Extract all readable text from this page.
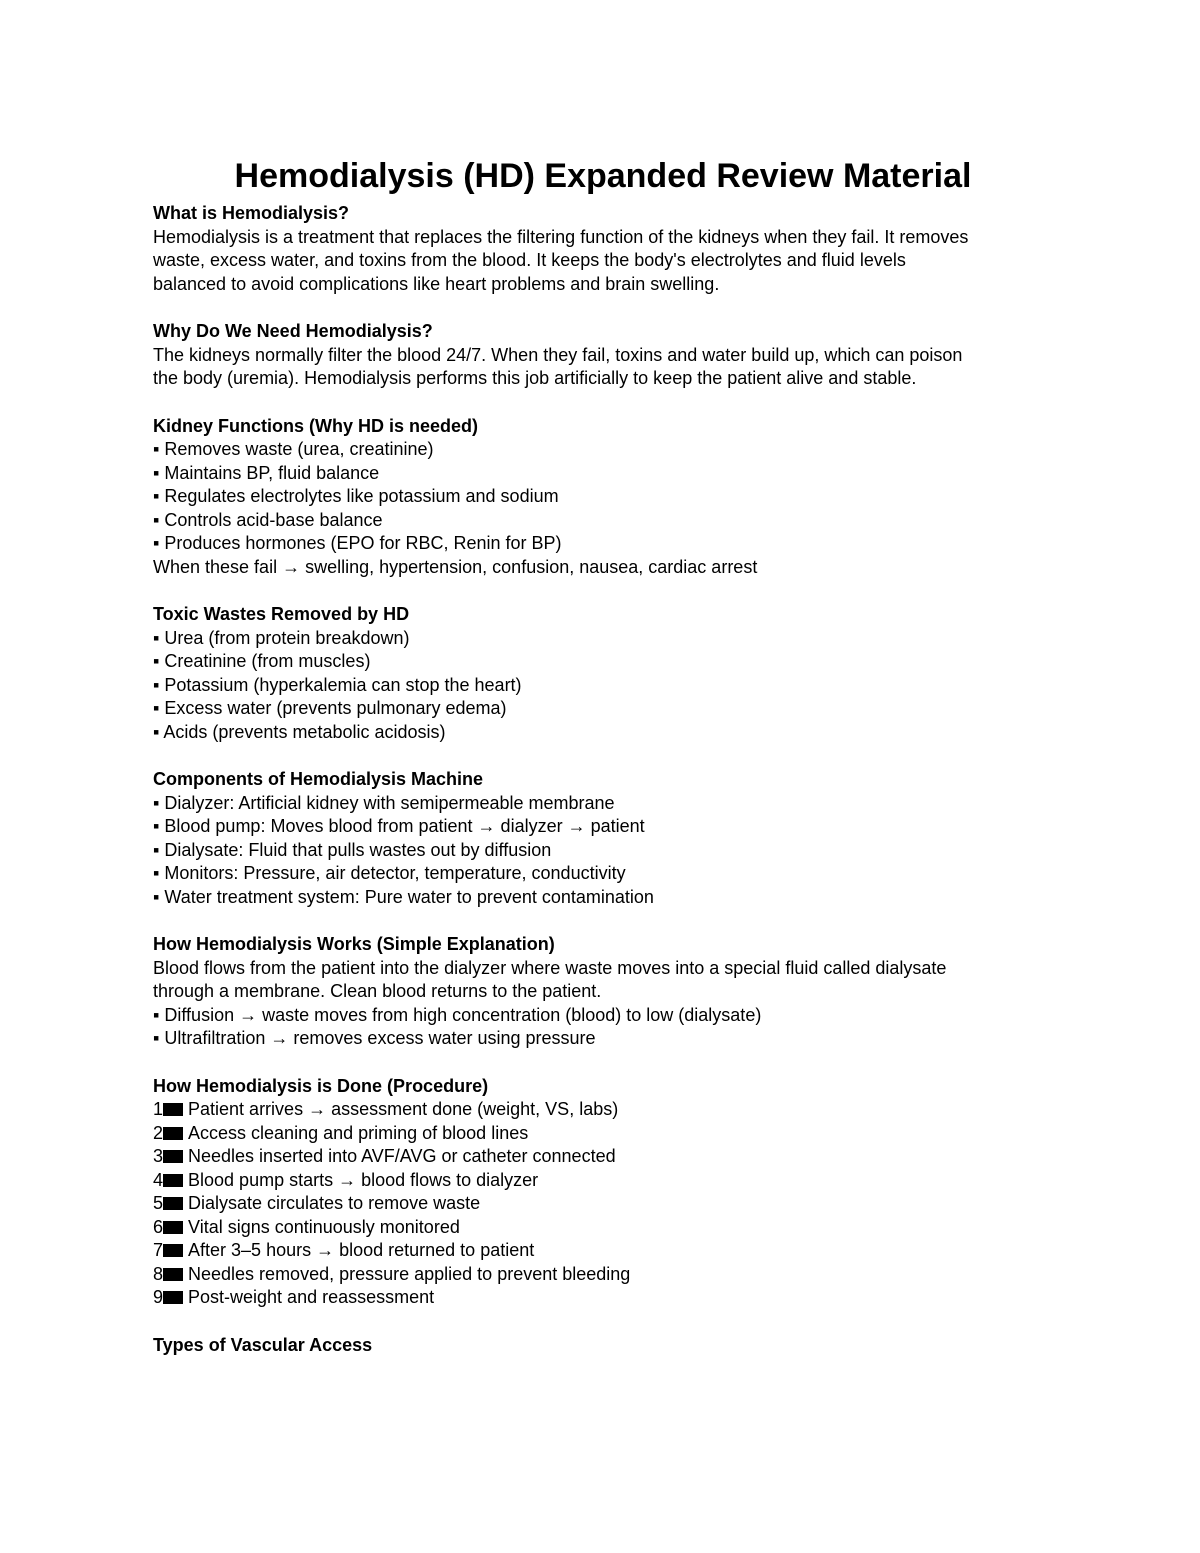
Hemodialysis (HD) Expanded Review Material

What is Hemodialysis?

Hemodialysis is a treatment that replaces the filtering function of the kidneys when they fail. It removes

waste, excess water, and toxins from the blood. It keeps the body's electrolytes and fluid levels

balanced to avoid complications like heart problems and brain swelling.

Why Do We Need Hemodialysis?

The kidneys normally filter the blood 24/7. When they fail, toxins and water build up, which can poison

the body (uremia). Hemodialysis performs this job artificially to keep the patient alive and stable.

Kidney Functions (Why HD is needed)

▪ Removes waste (urea, creatinine)

▪ Maintains BP, fluid balance

▪ Regulates electrolytes like potassium and sodium

▪ Controls acid-base balance

▪ Produces hormones (EPO for RBC, Renin for BP)

When these fail → swelling, hypertension, confusion, nausea, cardiac arrest

Toxic Wastes Removed by HD

▪ Urea (from protein breakdown)

▪ Creatinine (from muscles)

▪ Potassium (hyperkalemia can stop the heart)

▪ Excess water (prevents pulmonary edema)

▪ Acids (prevents metabolic acidosis)

Components of Hemodialysis Machine

▪ Dialyzer: Artificial kidney with semipermeable membrane

▪ Blood pump: Moves blood from patient → dialyzer → patient

▪ Dialysate: Fluid that pulls wastes out by diffusion

▪ Monitors: Pressure, air detector, temperature, conductivity

▪ Water treatment system: Pure water to prevent contamination

How Hemodialysis Works (Simple Explanation)

Blood flows from the patient into the dialyzer where waste moves into a special fluid called dialysate

through a membrane. Clean blood returns to the patient.

▪ Diffusion → waste moves from high concentration (blood) to low (dialysate)

▪ Ultrafiltration → removes excess water using pressure

How Hemodialysis is Done (Procedure)

1 Patient arrives → assessment done (weight, VS, labs)

2 Access cleaning and priming of blood lines

3 Needles inserted into AVF/AVG or catheter connected

4 Blood pump starts → blood flows to dialyzer

5 Dialysate circulates to remove waste

6 Vital signs continuously monitored

7 After 3–5 hours → blood returned to patient

8 Needles removed, pressure applied to prevent bleeding

9 Post-weight and reassessment

Types of Vascular Access
